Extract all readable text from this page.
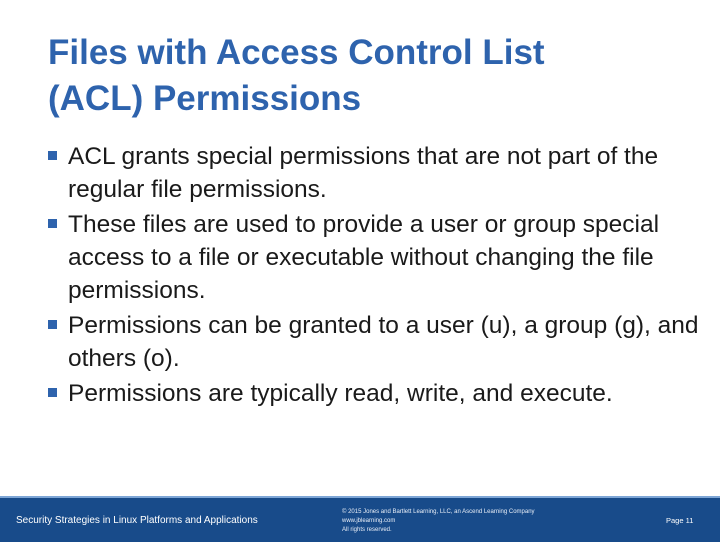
Files with Access Control List
(ACL) Permissions
ACL grants special permissions that are not part of the regular file permissions.
These files are used to provide a user or group special access to a file or executable without changing the file permissions.
Permissions can be granted to a user (u), a group (g), and others (o).
Permissions are typically read, write, and execute.
Security Strategies in Linux Platforms and Applications
© 2015 Jones and Bartlett Learning, LLC, an Ascend Learning Company
www.jblearning.com
All rights reserved.
Page 11
